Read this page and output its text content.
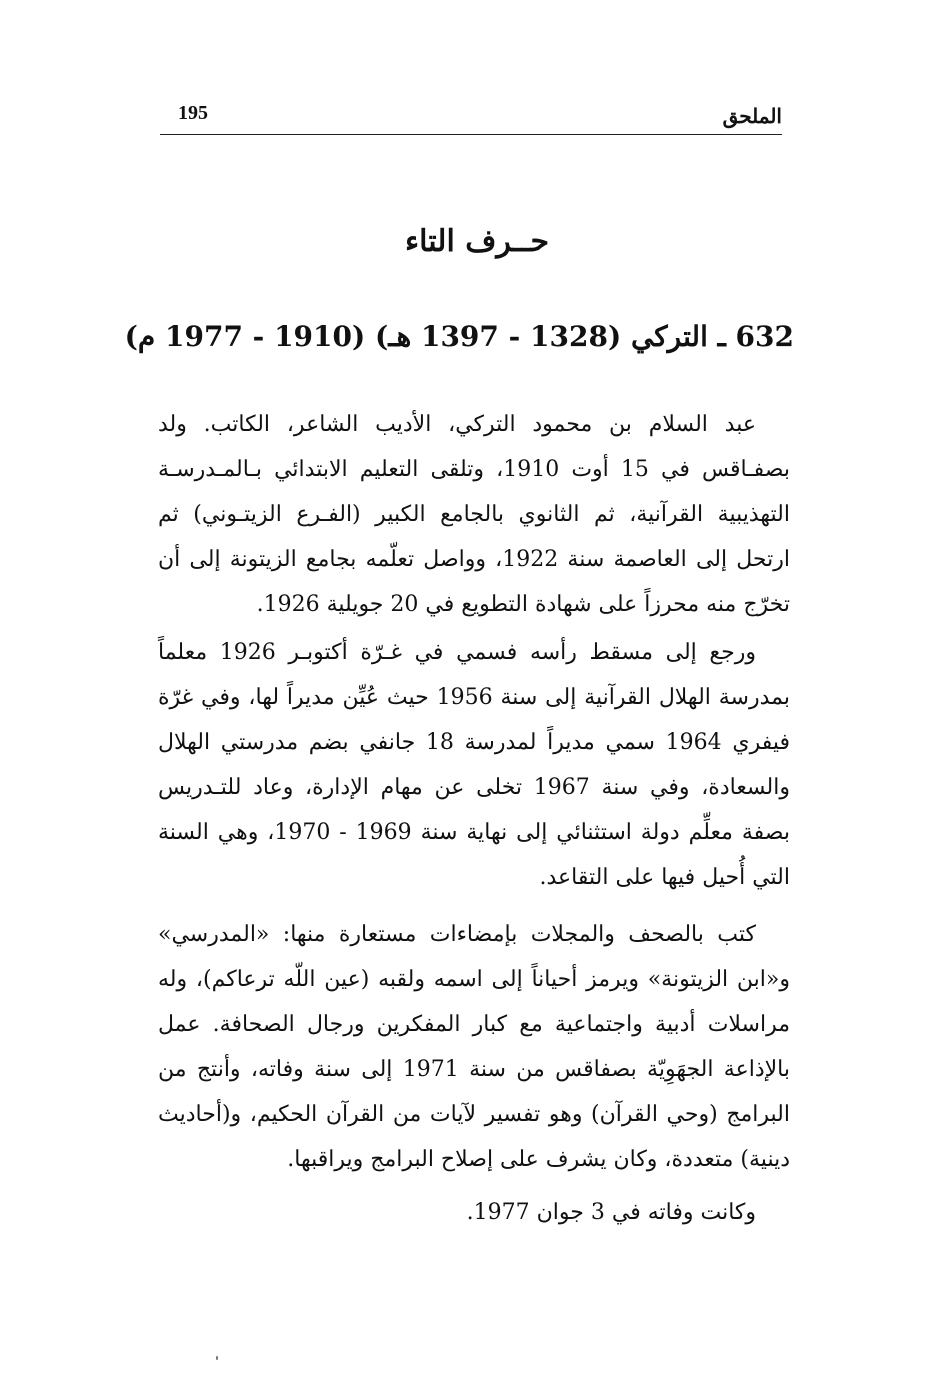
الملحق
195
حــرف التاء
632 ـ التركي (1328 - 1397 هـ) (1910 - 1977 م)
عبد السلام بن محمود التركي، الأديب الشاعر، الكاتب. ولد
بصفـاقس في 15 أوت 1910، وتلقى التعليم الابتدائي بـالمـدرسـة
التهذيبية القرآنية، ثم الثانوي بالجامع الكبير (الفـرع الزيتـوني) ثم
ارتحل إلى العاصمة سنة 1922، وواصل تعلّمه بجامع الزيتونة إلى أن
تخرّج منه محرزاً على شهادة التطويع في 20 جويلية 1926.
ورجع إلى مسقط رأسه فسمي في غـرّة أكتوبـر 1926 معلماً
بمدرسة الهلال القرآنية إلى سنة 1956 حيث عُيِّن مديراً لها، وفي غرّة
فيفري 1964 سمي مديراً لمدرسة 18 جانفي بضم مدرستي الهلال
والسعادة، وفي سنة 1967 تخلى عن مهام الإدارة، وعاد للتـدريس
بصفة معلِّم دولة استثنائي إلى نهاية سنة 1969 - 1970، وهي السنة
التي أُحيل فيها على التقاعد.
كتب بالصحف والمجلات بإمضاءات مستعارة منها: «المدرسي»
و«ابن الزيتونة» ويرمز أحياناً إلى اسمه ولقبه (عين اللّه ترعاكم)، وله
مراسلات أدبية واجتماعية مع كبار المفكرين ورجال الصحافة. عمل
بالإذاعة الجهَوِيّة بصفاقس من سنة 1971 إلى سنة وفاته، وأنتج من
البرامج (وحي القرآن) وهو تفسير لآيات من القرآن الحكيم، و(أحاديث
دينية) متعددة، وكان يشرف على إصلاح البرامج ويراقبها.
وكانت وفاته في 3 جوان 1977.
